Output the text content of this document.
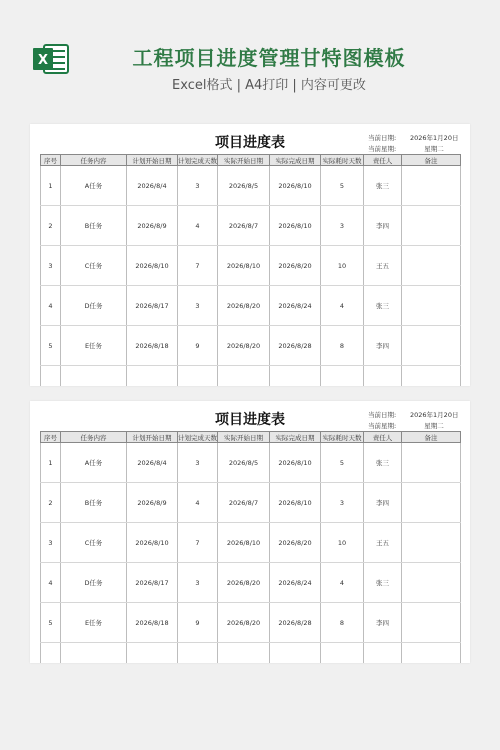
X	工程项目进度管理甘特图模板
Excel格式 | A4打印 | 内容可更改
项目进度表	当前日期: 2026年1月20日
当前星期:	星期二
序号	任务内容	计划开始日期	计划完成天数	实际开始日期	实际完成日期	实际耗时天数	责任人	备注
1	A任务	2026/8/4	3	2026/8/5	2026/8/10	5	张三	
2	B任务	2026/8/9	4	2026/8/7	2026/8/10	3	李四	
3	C任务	2026/8/10	7	2026/8/10	2026/8/20	10	王五	
4	D任务	2026/8/17	3	2026/8/20	2026/8/24	4	张三	
5	E任务	2026/8/18	9	2026/8/20	2026/8/28	8	李四	

项目进度表	当前日期: 2026年1月20日
当前星期:	星期二
序号	任务内容	计划开始日期	计划完成天数	实际开始日期	实际完成日期	实际耗时天数	责任人	备注
1	A任务	2026/8/4	3	2026/8/5	2026/8/10	5	张三	
2	B任务	2026/8/9	4	2026/8/7	2026/8/10	3	李四	
3	C任务	2026/8/10	7	2026/8/10	2026/8/20	10	王五	
4	D任务	2026/8/17	3	2026/8/20	2026/8/24	4	张三	
5	E任务	2026/8/18	9	2026/8/20	2026/8/28	8	李四	
